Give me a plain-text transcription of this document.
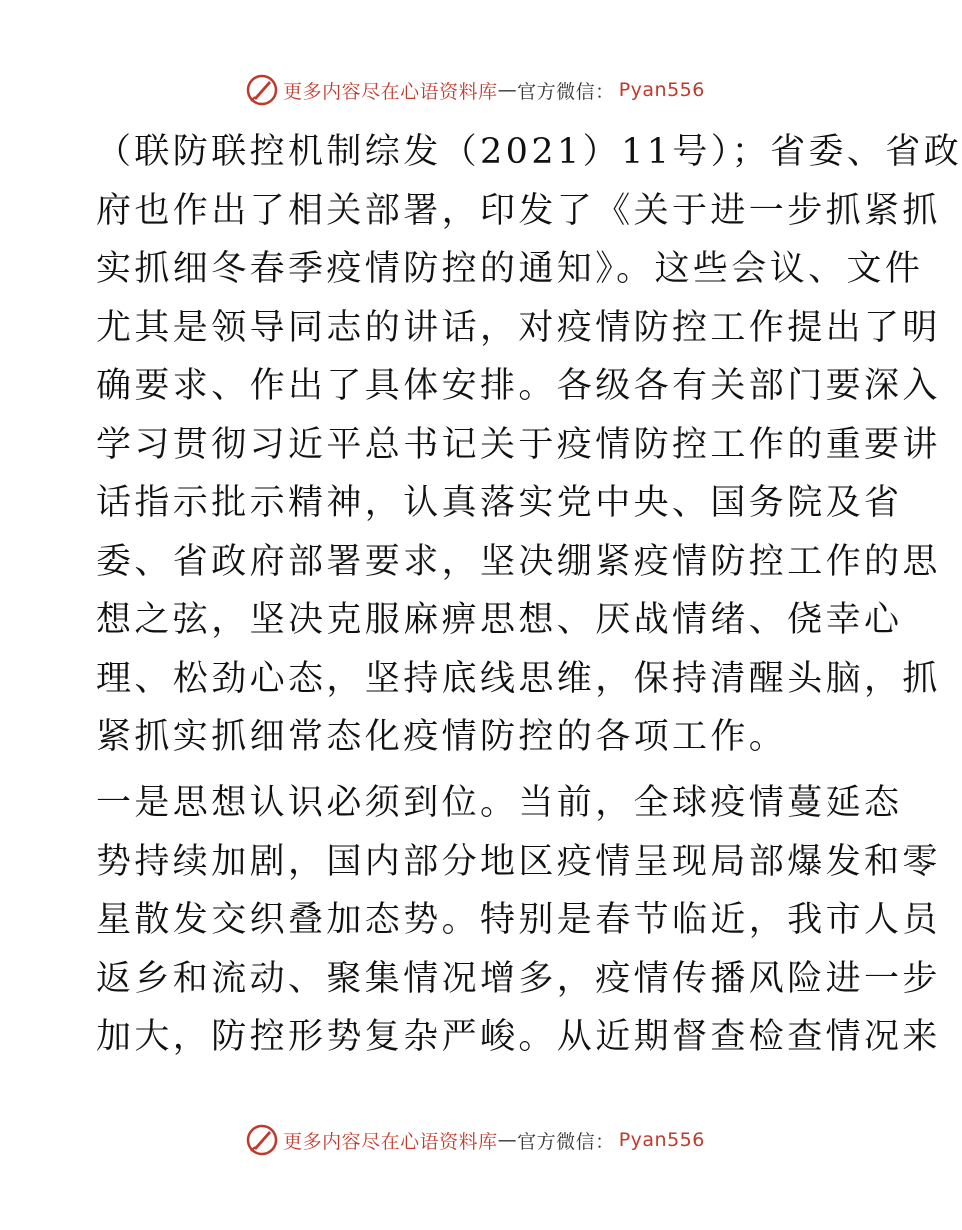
更多内容尽在心语资料库 — 官方微信： Pyan556
（联防联控机制综发（2021）11号）；省委、省政
府也作出了相关部署，印发了《关于进一步抓紧抓
实抓细冬春季疫情防控的通知》。这些会议、文件
尤其是领导同志的讲话，对疫情防控工作提出了明
确要求、作出了具体安排。各级各有关部门要深入
学习贯彻习近平总书记关于疫情防控工作的重要讲
话指示批示精神，认真落实党中央、国务院及省
委、省政府部署要求，坚决绷紧疫情防控工作的思
想之弦，坚决克服麻痹思想、厌战情绪、侥幸心
理、松劲心态，坚持底线思维，保持清醒头脑，抓
紧抓实抓细常态化疫情防控的各项工作。
一是思想认识必须到位。当前，全球疫情蔓延态
势持续加剧，国内部分地区疫情呈现局部爆发和零
星散发交织叠加态势。特别是春节临近，我市人员
返乡和流动、聚集情况增多，疫情传播风险进一步
加大，防控形势复杂严峻。从近期督查检查情况来
更多内容尽在心语资料库 — 官方微信： Pyan556
